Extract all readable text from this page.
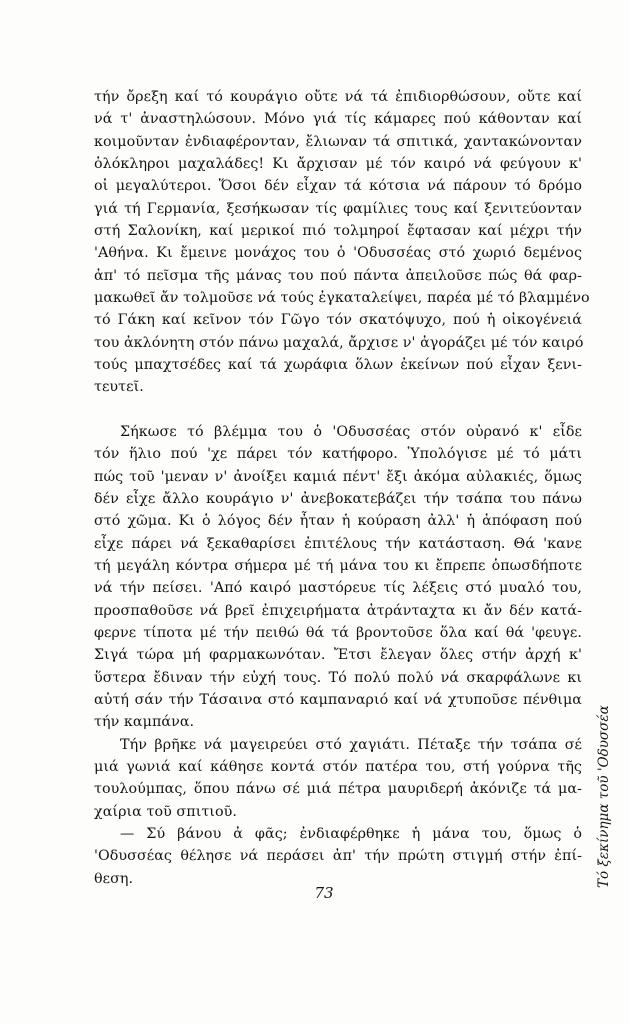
τήν ὄρεξη καί τό κουράγιο οὔτε νά τά ἐπιδιορθώσουν, οὔτε καί
νά τ' ἀναστηλώσουν. Μόνο γιά τίς κάμαρες πού κάθονταν καί
κοιμοῦνταν ἐνδιαφέρονταν, ἔλιωναν τά σπιτικά, χαντακώνονταν
ὁλόκληροι μαχαλάδες! Κι ἄρχισαν μέ τόν καιρό νά φεύγουν κ'
οἱ μεγαλύτεροι. Ὅσοι δέν εἶχαν τά κότσια νά πάρουν τό δρόμο
γιά τή Γερμανία, ξεσήκωσαν τίς φαμίλιες τους καί ξενιτεύονταν
στή Σαλονίκη, καί μερικοί πιό τολμηροί ἔφτασαν καί μέχρι τήν
'Αθήνα. Κι ἔμεινε μονάχος του ὁ 'Οδυσσέας στό χωριό δεμένος
ἀπ' τό πεῖσμα τῆς μάνας του πού πάντα ἀπειλοῦσε πώς θά φαρ-
μακωθεῖ ἄν τολμοῦσε νά τούς ἐγκαταλείψει, παρέα μέ τό βλαμμένο
τό Γάκη καί κεῖνον τόν Γῶγο τόν σκατόψυχο, πού ἡ οἰκογένειά
του ἀκλόνητη στόν πάνω μαχαλά, ἄρχισε ν' ἀγοράζει μέ τόν καιρό
τούς μπαχτσέδες καί τά χωράφια ὅλων ἐκείνων πού εἶχαν ξενι-
τευτεῖ.
Σήκωσε τό βλέμμα του ὁ 'Οδυσσέας στόν οὐρανό κ' εἶδε
τόν ἥλιο πού 'χε πάρει τόν κατήφορο. Ὑπολόγισε μέ τό μάτι
πώς τοῦ 'μεναν ν' ἀνοίξει καμιά πέντ' ἔξι ἀκόμα αὐλακιές, ὅμως
δέν εἶχε ἄλλο κουράγιο ν' ἀνεβοκατεβάζει τήν τσάπα του πάνω
στό χῶμα. Κι ὁ λόγος δέν ἦταν ἡ κούραση ἀλλ' ἡ ἀπόφαση πού
εἶχε πάρει νά ξεκαθαρίσει ἐπιτέλους τήν κατάσταση. Θά 'κανε
τή μεγάλη κόντρα σήμερα μέ τή μάνα του κι ἔπρεπε ὁπωσδήποτε
νά τήν πείσει. 'Από καιρό μαστόρευε τίς λέξεις στό μυαλό του,
προσπαθοῦσε νά βρεῖ ἐπιχειρήματα ἀτράνταχτα κι ἄν δέν κατά-
φερνε τίποτα μέ τήν πειθώ θά τά βροντοῦσε ὅλα καί θά 'φευγε.
Σιγά τώρα μή φαρμακωνόταν. Ἔτσι ἔλεγαν ὅλες στήν ἀρχή κ'
ὕστερα ἔδιναν τήν εὐχή τους. Τό πολύ πολύ νά σκαρφάλωνε κι
αὐτή σάν τήν Τάσαινα στό καμπαναριό καί νά χτυποῦσε πένθιμα
τήν καμπάνα.
Τήν βρῆκε νά μαγειρεύει στό χαγιάτι. Πέταξε τήν τσάπα σέ
μιά γωνιά καί κάθησε κοντά στόν πατέρα του, στή γούρνα τῆς
τουλούμπας, ὅπου πάνω σέ μιά πέτρα μαυριδερή ἀκόνιζε τά μα-
χαίρια τοῦ σπιτιοῦ.
— Σύ βάνου ἀ φᾶς; ἐνδιαφέρθηκε ἡ μάνα του, ὅμως ὁ
'Οδυσσέας θέλησε νά περάσει ἀπ' τήν πρώτη στιγμή στήν ἐπί-
θεση.
73
Τό ξεκίνημα τοῦ 'Οδυσσέα
